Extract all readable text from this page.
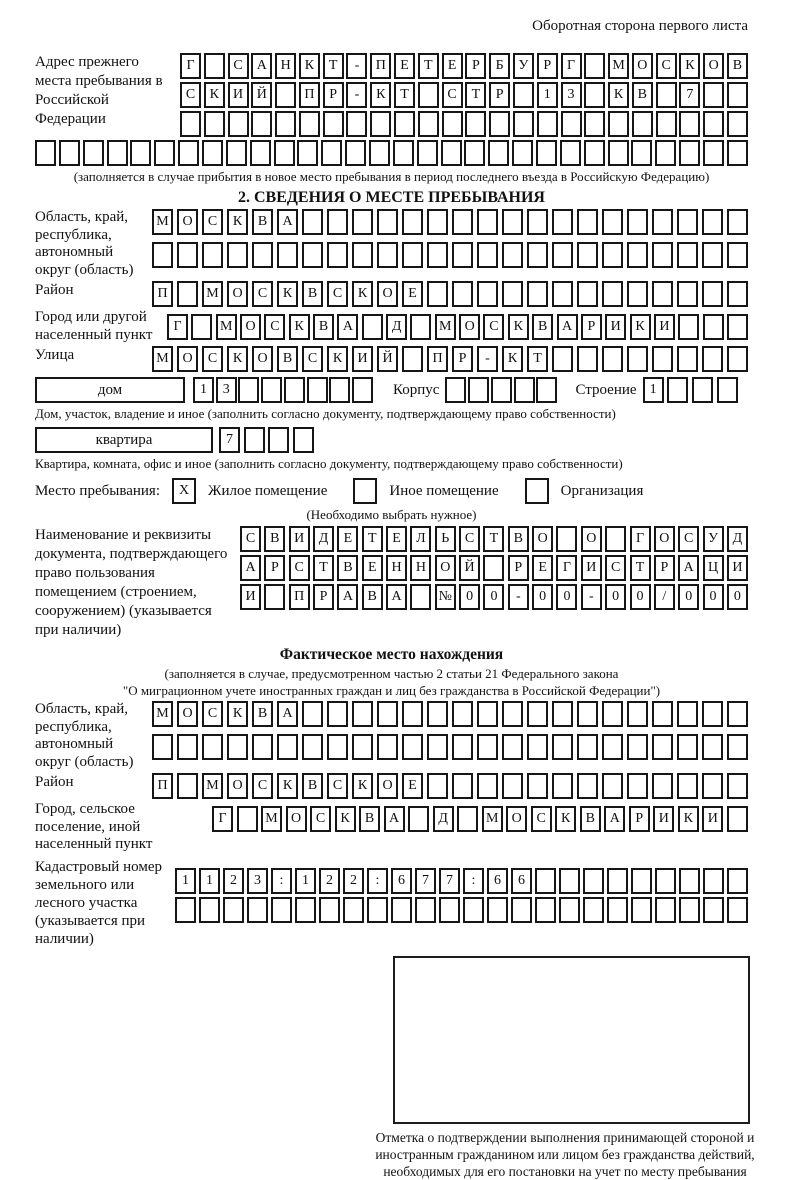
Оборотная сторона первого листа
Адрес прежнего места пребывания в Российской Федерации
Г	С	А Н	К	Т	-	П	Е	Т	Е	Р	Б	У	Р	Г	М О	С	К	О	В
С	К	И Й	П	Р	-	К	Т	С	Т	Р	1	3	К	В	7
(заполняется в случае прибытия в новое место пребывания в период последнего въезда в Российскую Федерацию)
2. СВЕДЕНИЯ О МЕСТЕ ПРЕБЫВАНИЯ
Область, край, республика, автономный округ (область)
М О	С	К	В	А
Район	П	М О	С	К	В	С	К	О	Е
Город или другой населенный пункт	Г	М О	С	К	В	А	Д	М О	С	К	В	А	Р	И	К	И
Улица	М О	С	К	О	В	С	К	И	Й	П	Р	-	К	Т
дом	1	3	Корпус	Строение 1
Дом, участок, владение и иное (заполнить согласно документу, подтверждающему право собственности)
квартира	7
Квартира, комната, офис и иное (заполнить согласно документу, подтверждающему право собственности)
Место пребывания:	X	Жилое помещение	Иное помещение	Организация
(Необходимо выбрать нужное)
Наименование и реквизиты документа, подтверждающего право пользования помещением (строением, сооружением) (указывается при наличии)
С	В	И	Д	Е	Т	Е	Л	Ь	С	Т	В	О	О	Г	О	С	У	Д
А	Р	С	Т	В	Е	Н	Н	О	Й	Р	Е	Г	И	С	Т	Р	А	Ц	И
И	П	Р	А	В	А	№	0	0	-	0	0	-	0	0	/	0	0	0
Фактическое место нахождения
(заполняется в случае, предусмотренном частью 2 статьи 21 Федерального закона
"О миграционном учете иностранных граждан и лиц без гражданства в Российской Федерации")
Область, край, республика, автономный округ (область)
М О	С	К	В	А
Район	П	М О	С	К	В	С	К	О	Е
Город, сельское поселение, иной населенный пункт
Г	М О	С	К	В	А	Д	М О	С	К	В	А	Р	И	К	И
Кадастровый номер земельного или лесного участка (указывается при наличии)
1	1	2	3	:	1	2	2	:	6	7	7	:	6	6
Отметка о подтверждении выполнения принимающей стороной и иностранным гражданином или лицом без гражданства действий, необходимых для его постановки на учет по месту пребывания
